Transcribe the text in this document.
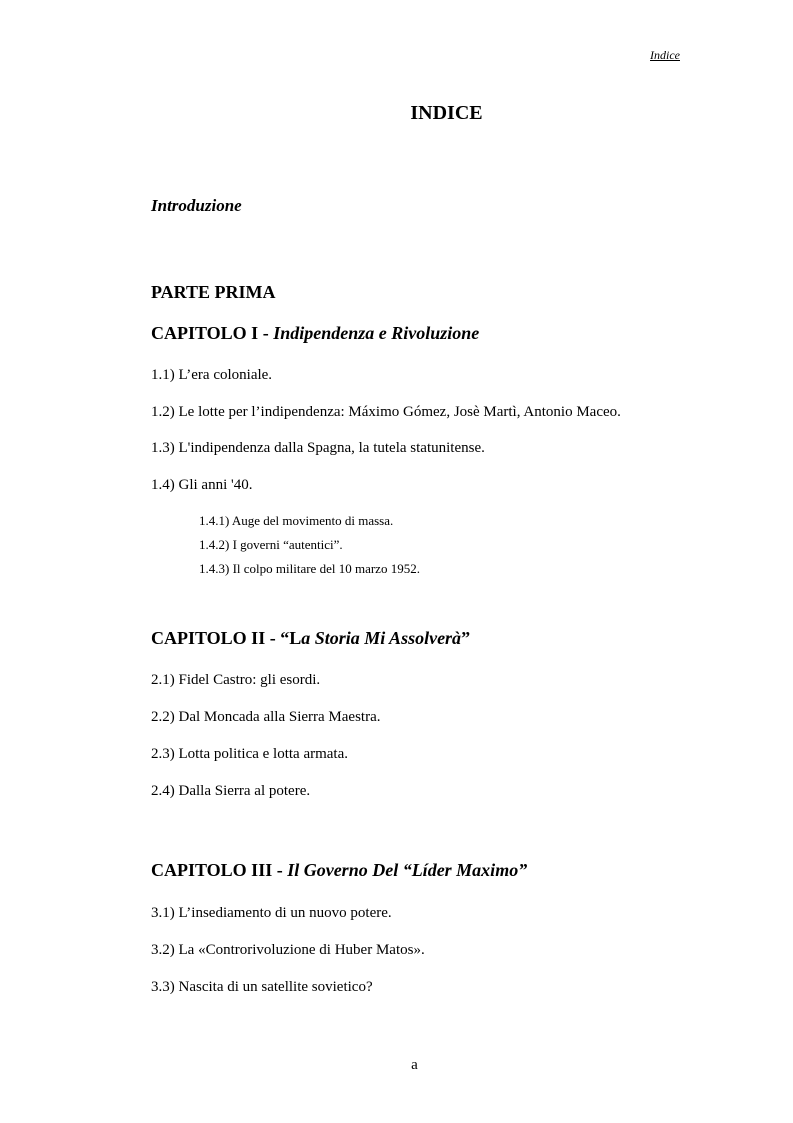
Indice
INDICE
Introduzione
PARTE PRIMA
CAPITOLO I - Indipendenza e Rivoluzione
1.1) L’era coloniale.
1.2) Le lotte per l’indipendenza: Máximo Gómez, Josè Martì, Antonio Maceo.
1.3) L'indipendenza dalla Spagna, la tutela statunitense.
1.4) Gli anni '40.
1.4.1) Auge del movimento di massa.
1.4.2) I governi “autentici”.
1.4.3) Il colpo militare del 10 marzo 1952.
CAPITOLO II - “La Storia Mi Assolverà”
2.1) Fidel Castro: gli esordi.
2.2) Dal Moncada alla Sierra Maestra.
2.3) Lotta politica e lotta armata.
2.4) Dalla Sierra al potere.
CAPITOLO III - Il Governo Del “Líder Maximo”
3.1) L’insediamento di un nuovo potere.
3.2) La «Controrivoluzione di Huber Matos».
3.3) Nascita di un satellite sovietico?
a
